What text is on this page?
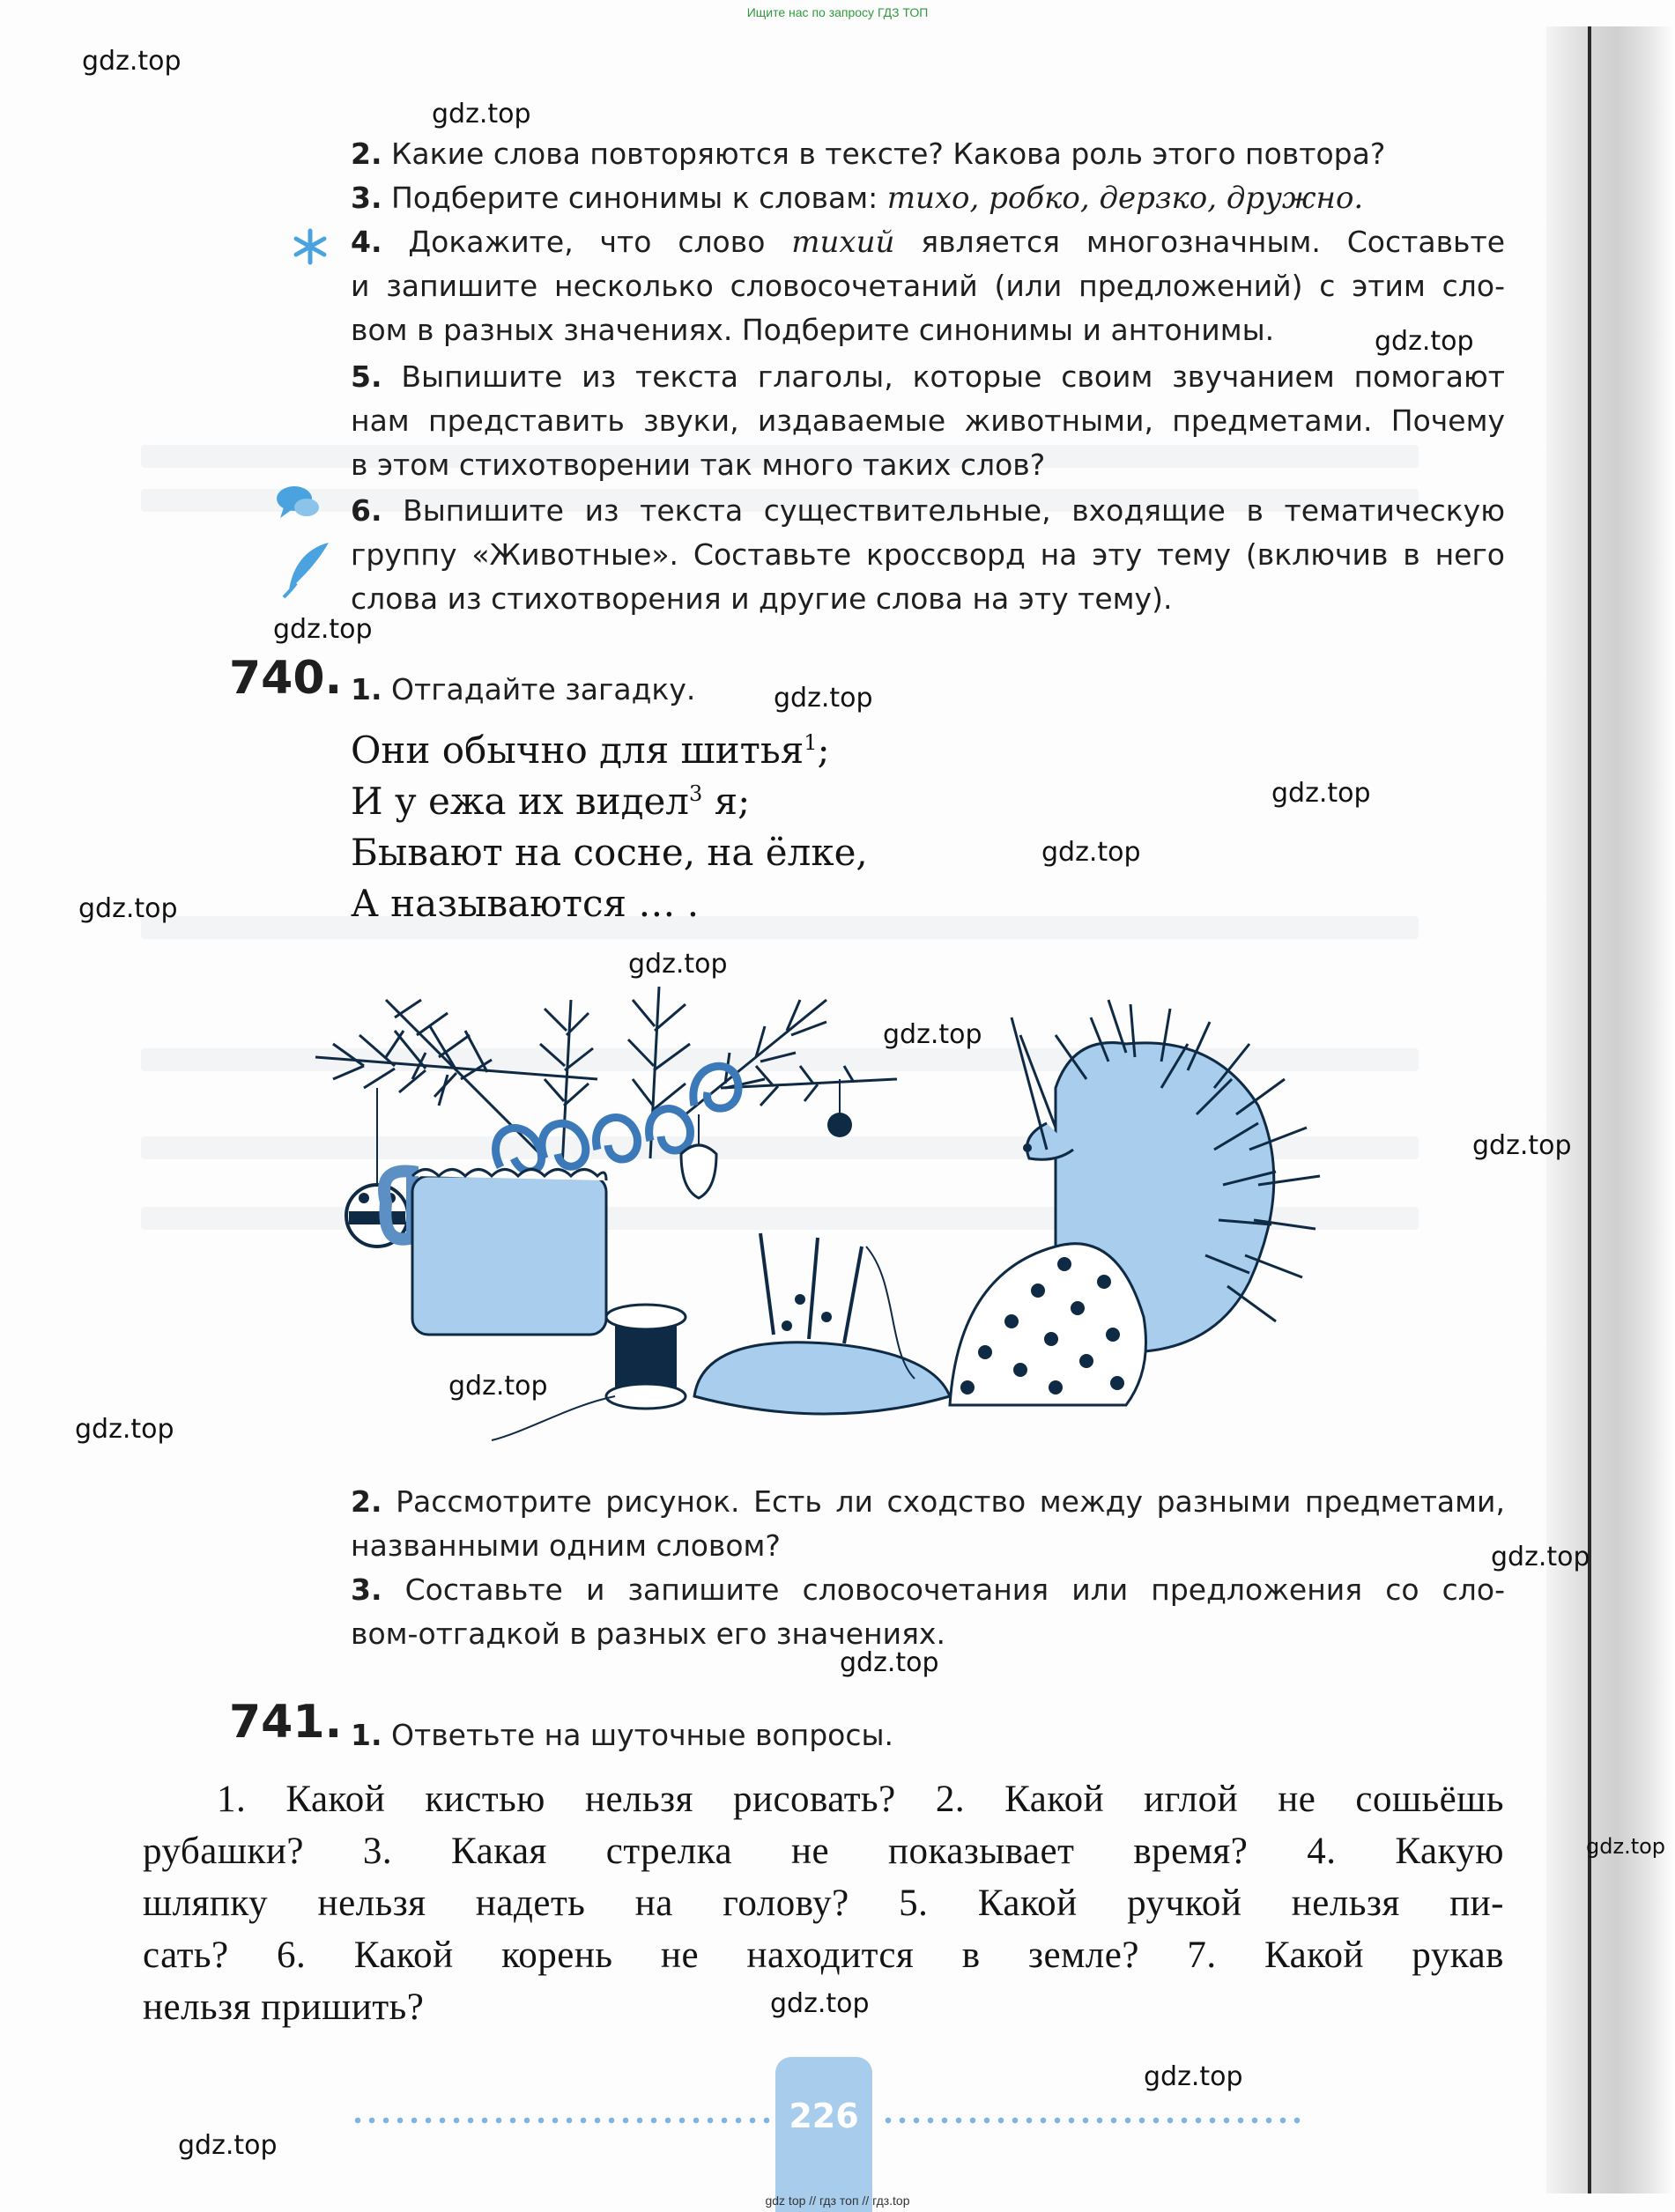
Ищите нас по запросу ГДЗ ТОП
gdz.top
gdz.top
gdz.top
gdz.top
gdz.top
gdz.top
gdz.top
gdz.top
gdz.top
gdz.top
gdz.top
gdz.top
gdz.top
gdz.top
gdz.top
gdz.top
gdz.top
gdz.top
gdz.top
2. Какие слова повторяются в тексте? Какова роль этого повтора?
3. Подберите синонимы к словам: тихо, робко, дерзко, дружно.
4. Докажите, что слово тихий является многозначным. Составьте
и запишите несколько словосочетаний (или предложений) с этим сло-
вом в разных значениях. Подберите синонимы и антонимы.
5. Выпишите из текста глаголы, которые своим звучанием помогают
нам представить звуки, издаваемые животными, предметами. Почему
в этом стихотворении так много таких слов?
6. Выпишите из текста существительные, входящие в тематическую
группу «Животные». Составьте кроссворд на эту тему (включив в него
слова из стихотворения и другие слова на эту тему).
740. 1. Отгадайте загадку.
Они обычно для шитья$^1$;
И у ежа их видел$^3$ я;
Бывают на сосне, на ёлке,
А называются … .
2. Рассмотрите рисунок. Есть ли сходство между разными предметами,
названными одним словом?
3. Составьте и запишите словосочетания или предложения со сло-
вом-отгадкой в разных его значениях.
741. 1. Ответьте на шуточные вопросы.
1. Какой кистью нельзя рисовать? 2. Какой иглой не сошьёшь
рубашки? 3. Какая стрелка не показывает время? 4. Какую
шляпку нельзя надеть на голову? 5. Какой ручкой нельзя пи-
сать? 6. Какой корень не находится в земле? 7. Какой рукав
нельзя пришить?
226
gdz top // гдз топ // гдз.top
